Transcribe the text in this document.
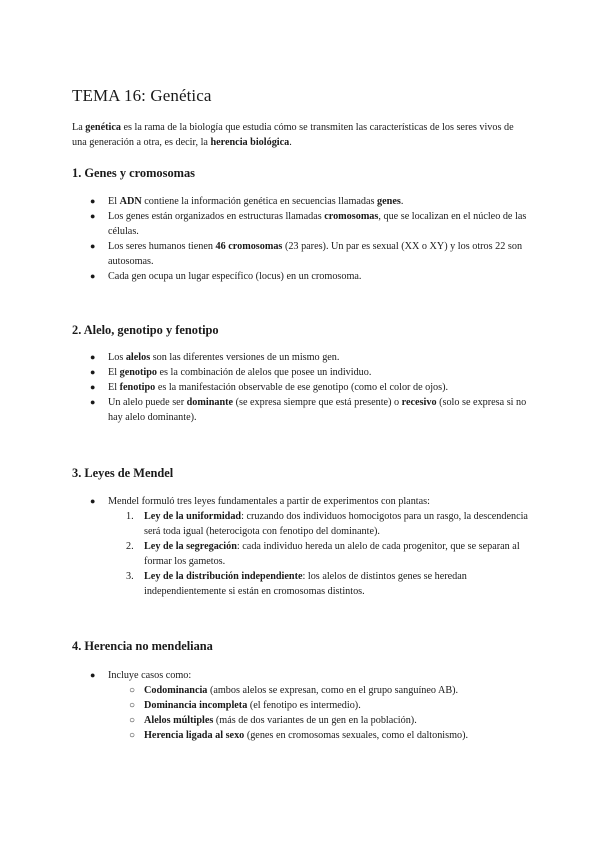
TEMA 16: Genética

La genética es la rama de la biología que estudia cómo se transmiten las características de los seres vivos de una generación a otra, es decir, la herencia biológica.

1. Genes y cromosomas
● El ADN contiene la información genética en secuencias llamadas genes.
● Los genes están organizados en estructuras llamadas cromosomas, que se localizan en el núcleo de las células.
● Los seres humanos tienen 46 cromosomas (23 pares). Un par es sexual (XX o XY) y los otros 22 son autosomas.
● Cada gen ocupa un lugar específico (locus) en un cromosoma.
2. Alelo, genotipo y fenotipo
● Los alelos son las diferentes versiones de un mismo gen.
● El genotipo es la combinación de alelos que posee un individuo.
● El fenotipo es la manifestación observable de ese genotipo (como el color de ojos).
● Un alelo puede ser dominante (se expresa siempre que está presente) o recesivo (solo se expresa si no hay alelo dominante).
3. Leyes de Mendel
● Mendel formuló tres leyes fundamentales a partir de experimentos con plantas:
1. Ley de la uniformidad: cruzando dos individuos homocigotos para un rasgo, la descendencia será toda igual (heterocigota con fenotipo del dominante).
2. Ley de la segregación: cada individuo hereda un alelo de cada progenitor, que se separan al formar los gametos.
3. Ley de la distribución independiente: los alelos de distintos genes se heredan independientemente si están en cromosomas distintos.
4. Herencia no mendeliana
● Incluye casos como:
○ Codominancia (ambos alelos se expresan, como en el grupo sanguíneo AB).
○ Dominancia incompleta (el fenotipo es intermedio).
○ Alelos múltiples (más de dos variantes de un gen en la población).
○ Herencia ligada al sexo (genes en cromosomas sexuales, como el daltonismo).
